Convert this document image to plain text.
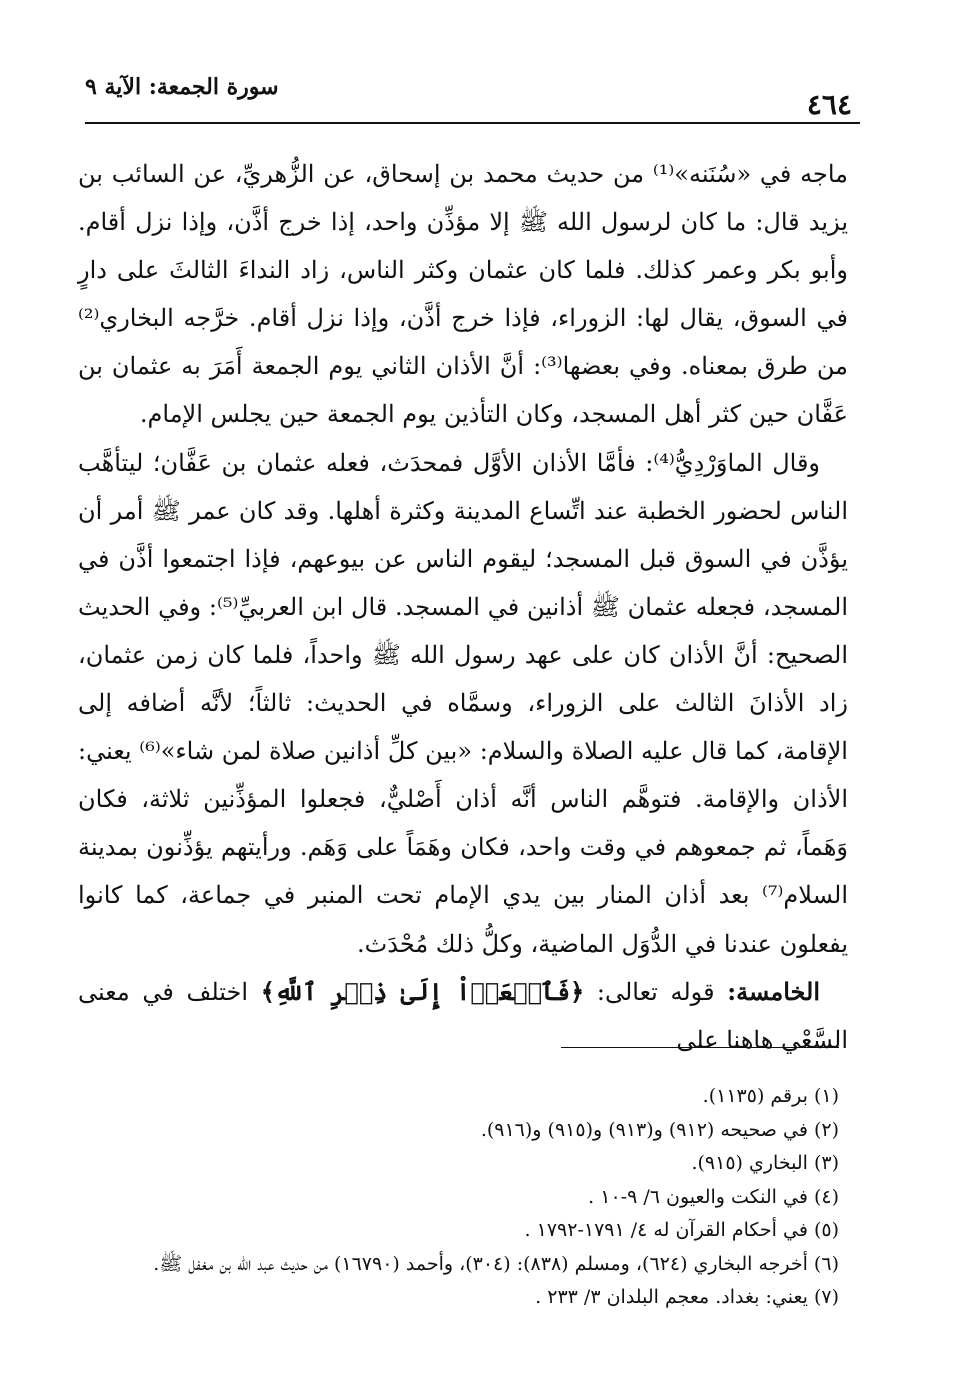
سورة الجمعة: الآية ٩
٤٦٤

ماجه في «سُنَنه»⁽¹⁾ من حديث محمد بن إسحاق، عن الزُّهريِّ، عن السائب بن يزيد قال: ما كان لرسول الله ﷺ إلا مؤذِّن واحد، إذا خرج أذَّن، وإذا نزل أقام. وأبو بكر وعمر كذلك. فلما كان عثمان وكثر الناس، زاد النداءَ الثالثَ على دارٍ في السوق، يقال لها: الزوراء، فإذا خرج أذَّن، وإذا نزل أقام. خرَّجه البخاري⁽²⁾ من طرق بمعناه. وفي بعضها⁽³⁾: أنَّ الأذان الثاني يوم الجمعة أَمَرَ به عثمان بن عَفَّان حين كثر أهل المسجد، وكان التأذين يوم الجمعة حين يجلس الإمام.

وقال الماوَرْدِيُّ⁽⁴⁾: فأمَّا الأذان الأوَّل فمحدَث، فعله عثمان بن عَفَّان؛ ليتأهَّب الناس لحضور الخطبة عند اتِّساع المدينة وكثرة أهلها. وقد كان عمر ﷺ أمر أن يؤذَّن في السوق قبل المسجد؛ ليقوم الناس عن بيوعهم، فإذا اجتمعوا أذَّن في المسجد، فجعله عثمان ﷺ أذانين في المسجد. قال ابن العربيِّ⁽⁵⁾: وفي الحديث الصحيح: أنَّ الأذان كان على عهد رسول الله ﷺ واحداً، فلما كان زمن عثمان، زاد الأذانَ الثالث على الزوراء، وسمَّاه في الحديث: ثالثاً؛ لأنَّه أضافه إلى الإقامة، كما قال عليه الصلاة والسلام: «بين كلِّ أذانين صلاة لمن شاء»⁽⁶⁾ يعني: الأذان والإقامة. فتوهَّم الناس أنَّه أذان أَصْليٌّ، فجعلوا المؤذِّنين ثلاثة، فكان وَهَماً، ثم جمعوهم في وقت واحد، فكان وهَمَاً على وَهَم. ورأيتهم يؤذِّنون بمدينة السلام⁽⁷⁾ بعد أذان المنار بين يدي الإمام تحت المنبر في جماعة، كما كانوا يفعلون عندنا في الدُّوَل الماضية، وكلُّ ذلك مُحْدَث.

الخامسة: قوله تعالى: ﴿فَٱسۡعَوۡاْ إِلَىٰ ذِكۡرِ ٱللَّهِ﴾ اختلف في معنى السَّعْي هاهنا على

(١) برقم (١١٣٥).
(٢) في صحيحه (٩١٢) و(٩١٣) و(٩١٥) و(٩١٦).
(٣) البخاري (٩١٥).
(٤) في النكت والعيون ٦/ ٩-١٠ .
(٥) في أحكام القرآن له ٤/ ١٧٩١-١٧٩٢ .
(٦) أخرجه البخاري (٦٢٤)، ومسلم (٨٣٨): (٣٠٤)، وأحمد (١٦٧٩٠) من حديث عبد الله بن مغفل ﷺ.
(٧) يعني: بغداد. معجم البلدان ٣/ ٢٣٣ .
